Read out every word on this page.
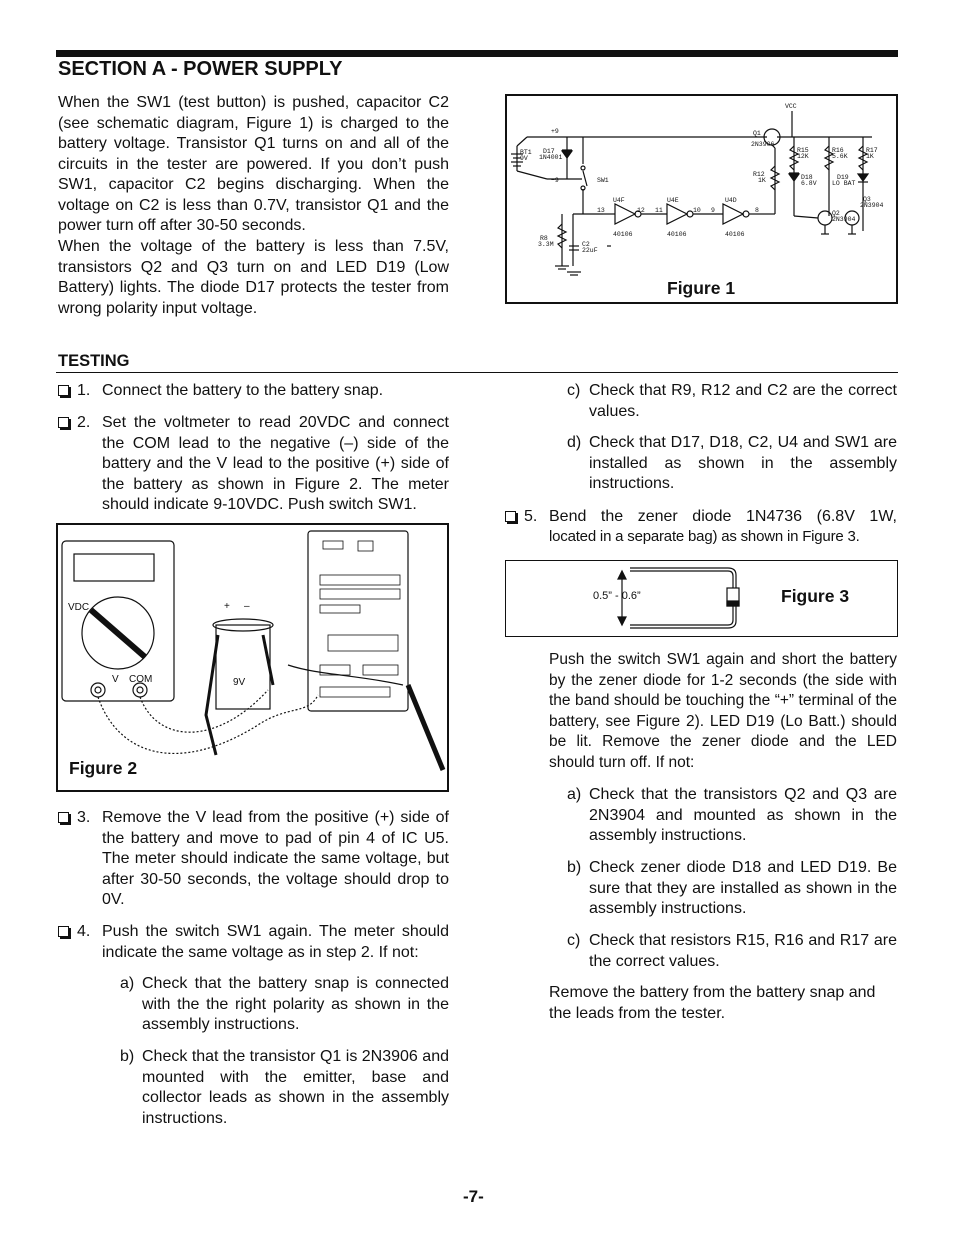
SECTION A - POWER SUPPLY
When the SW1 (test button) is pushed, capacitor C2 (see schematic diagram, Figure 1) is charged to the battery voltage. Transistor Q1 turns on and all of the circuits in the tester are powered. If you don’t push SW1, capacitor C2 begins discharging. When the voltage on C2 is less than 0.7V, transistor Q1 and the power turn off after 30-50 seconds.
When the voltage of the battery is less than 7.5V, transistors Q2 and Q3 turn on and LED D19 (Low Battery) lights. The diode D17 protects the tester from wrong polarity input voltage.
VCC
+9
−9
BT1
9V
D17
1N4001
SW1
Q1
2N3906
R12
1K
R15
12K
R16
5.6K
R17
1K
D18
6.8V
D19
LO BAT
Q3
2N3904
Q2
2N3904
U4F
40106
U4E
40106
U4D
40106
13	12 11	10 9	8
R8
3.3M	C2
22uF
Figure 1
TESTING
1. Connect the battery to the battery snap.
2. Set the voltmeter to read 20VDC and connect the COM lead to the negative (–) side of the battery and the V lead to the positive (+) side of the battery as shown in Figure 2. The meter should indicate 9-10VDC. Push switch SW1.
VDC
V COM
+ –
9V
Figure 2
3. Remove the V lead from the positive (+) side of the battery and move to pad of pin 4 of IC U5. The meter should indicate the same voltage, but after 30-50 seconds, the voltage should drop to 0V.
4. Push the switch SW1 again. The meter should indicate the same voltage as in step 2. If not:
a) Check that the battery snap is connected with the the right polarity as shown in the assembly instructions.
b) Check that the transistor Q1 is 2N3906 and mounted with the emitter, base and collector leads as shown in the assembly instructions.
c) Check that R9, R12 and C2 are the correct values.
d) Check that D17, D18, C2, U4 and SW1 are installed as shown in the assembly instructions.
5. Bend the zener diode 1N4736 (6.8V 1W,
located in a separate bag) as shown in Figure 3.
0.5” - 0.6”	Figure 3
Push the switch SW1 again and short the battery by the zener diode for 1-2 seconds (the side with the band should be touching the “+” terminal of the battery, see Figure 2). LED D19 (Lo Batt.) should be lit. Remove the zener diode and the LED should turn off. If not:
a) Check that the transistors Q2 and Q3 are 2N3904 and mounted as shown in the assembly instructions.
b) Check zener diode D18 and LED D19. Be sure that they are installed as shown in the assembly instructions.
c) Check that resistors R15, R16 and R17 are the correct values.
Remove the battery from the battery snap and the leads from the tester.
-7-
